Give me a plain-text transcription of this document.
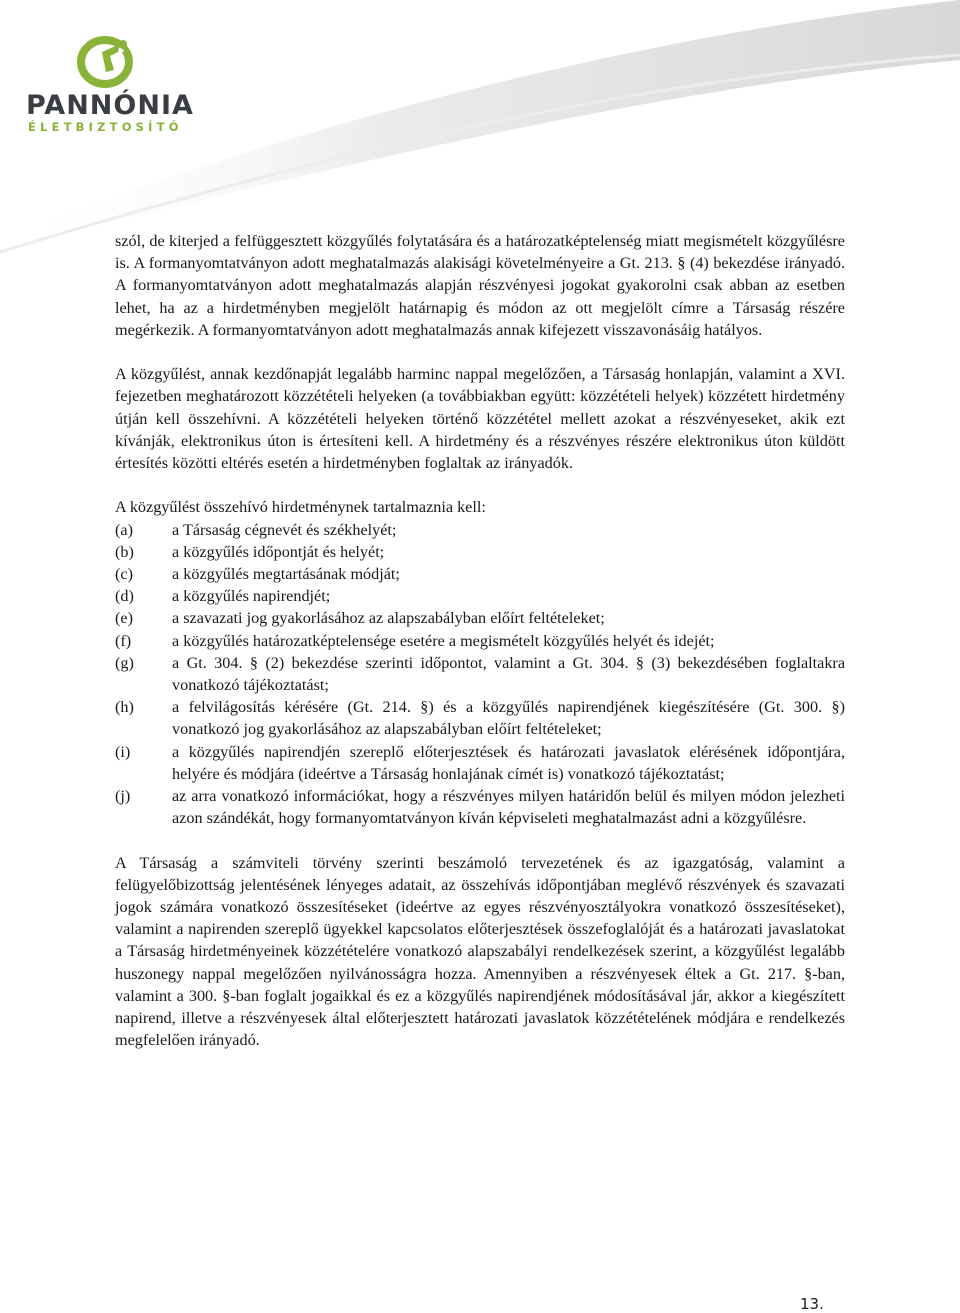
PANNÓNIA
ÉLETBIZTOSÍTÓ

szól, de kiterjed a felfüggesztett közgyűlés folytatására és a határozatképtelenség miatt megismételt közgyűlésre is. A formanyomtatványon adott meghatalmazás alakisági követelményeire a Gt. 213. § (4) bekezdése irányadó. A formanyomtatványon adott meghatalmazás alapján részvényesi jogokat gyakorolni csak abban az esetben lehet, ha az a hirdetményben megjelölt határnapig és módon az ott megjelölt címre a Társaság részére megérkezik. A formanyomtatványon adott meghatalmazás annak kifejezett visszavonásáig hatályos.

A közgyűlést, annak kezdőnapját legalább harminc nappal megelőzően, a Társaság honlapján, valamint a XVI. fejezetben meghatározott közzétételi helyeken (a továbbiakban együtt: közzétételi helyek) közzétett hirdetmény útján kell összehívni. A közzétételi helyeken történő közzététel mellett azokat a részvényeseket, akik ezt kívánják, elektronikus úton is értesíteni kell. A hirdetmény és a részvényes részére elektronikus úton küldött értesítés közötti eltérés esetén a hirdetményben foglaltak az irányadók.

A közgyűlést összehívó hirdetménynek tartalmaznia kell:

(a)	a Társaság cégnevét és székhelyét;
(b)	a közgyűlés időpontját és helyét;
(c)	a közgyűlés megtartásának módját;
(d)	a közgyűlés napirendjét;
(e)	a szavazati jog gyakorlásához az alapszabályban előírt feltételeket;
(f)	a közgyűlés határozatképtelensége esetére a megismételt közgyűlés helyét és idejét;
(g)	a Gt. 304. § (2) bekezdése szerinti időpontot, valamint a Gt. 304. § (3) bekezdésében foglaltakra vonatkozó tájékoztatást;
(h)	a felvilágosítás kérésére (Gt. 214. §) és a közgyűlés napirendjének kiegészítésére (Gt. 300. §) vonatkozó jog gyakorlásához az alapszabályban előírt feltételeket;
(i)	a közgyűlés napirendjén szereplő előterjesztések és határozati javaslatok elérésének időpontjára, helyére és módjára (ideértve a Társaság honlajának címét is) vonatkozó tájékoztatást;
(j)	az arra vonatkozó információkat, hogy a részvényes milyen határidőn belül és milyen módon jelezheti azon szándékát, hogy formanyomtatványon kíván képviseleti meghatalmazást adni a közgyűlésre.

A Társaság a számviteli törvény szerinti beszámoló tervezetének és az igazgatóság, valamint a felügyelőbizottság jelentésének lényeges adatait, az összehívás időpontjában meglévő részvények és szavazati jogok számára vonatkozó összesítéseket (ideértve az egyes részvényosztályokra vonatkozó összesítéseket), valamint a napirenden szereplő ügyekkel kapcsolatos előterjesztések összefoglalóját és a határozati javaslatokat a Társaság hirdetményeinek közzétételére vonatkozó alapszabályi rendelkezések szerint, a közgyűlést legalább huszonegy nappal megelőzően nyilvánosságra hozza. Amennyiben a részvényesek éltek a Gt. 217. §-ban, valamint a 300. §-ban foglalt jogaikkal és ez a közgyűlés napirendjének módosításával jár, akkor a kiegészített napirend, illetve a részvényesek által előterjesztett határozati javaslatok közzétételének módjára e rendelkezés megfelelően irányadó.

13.
